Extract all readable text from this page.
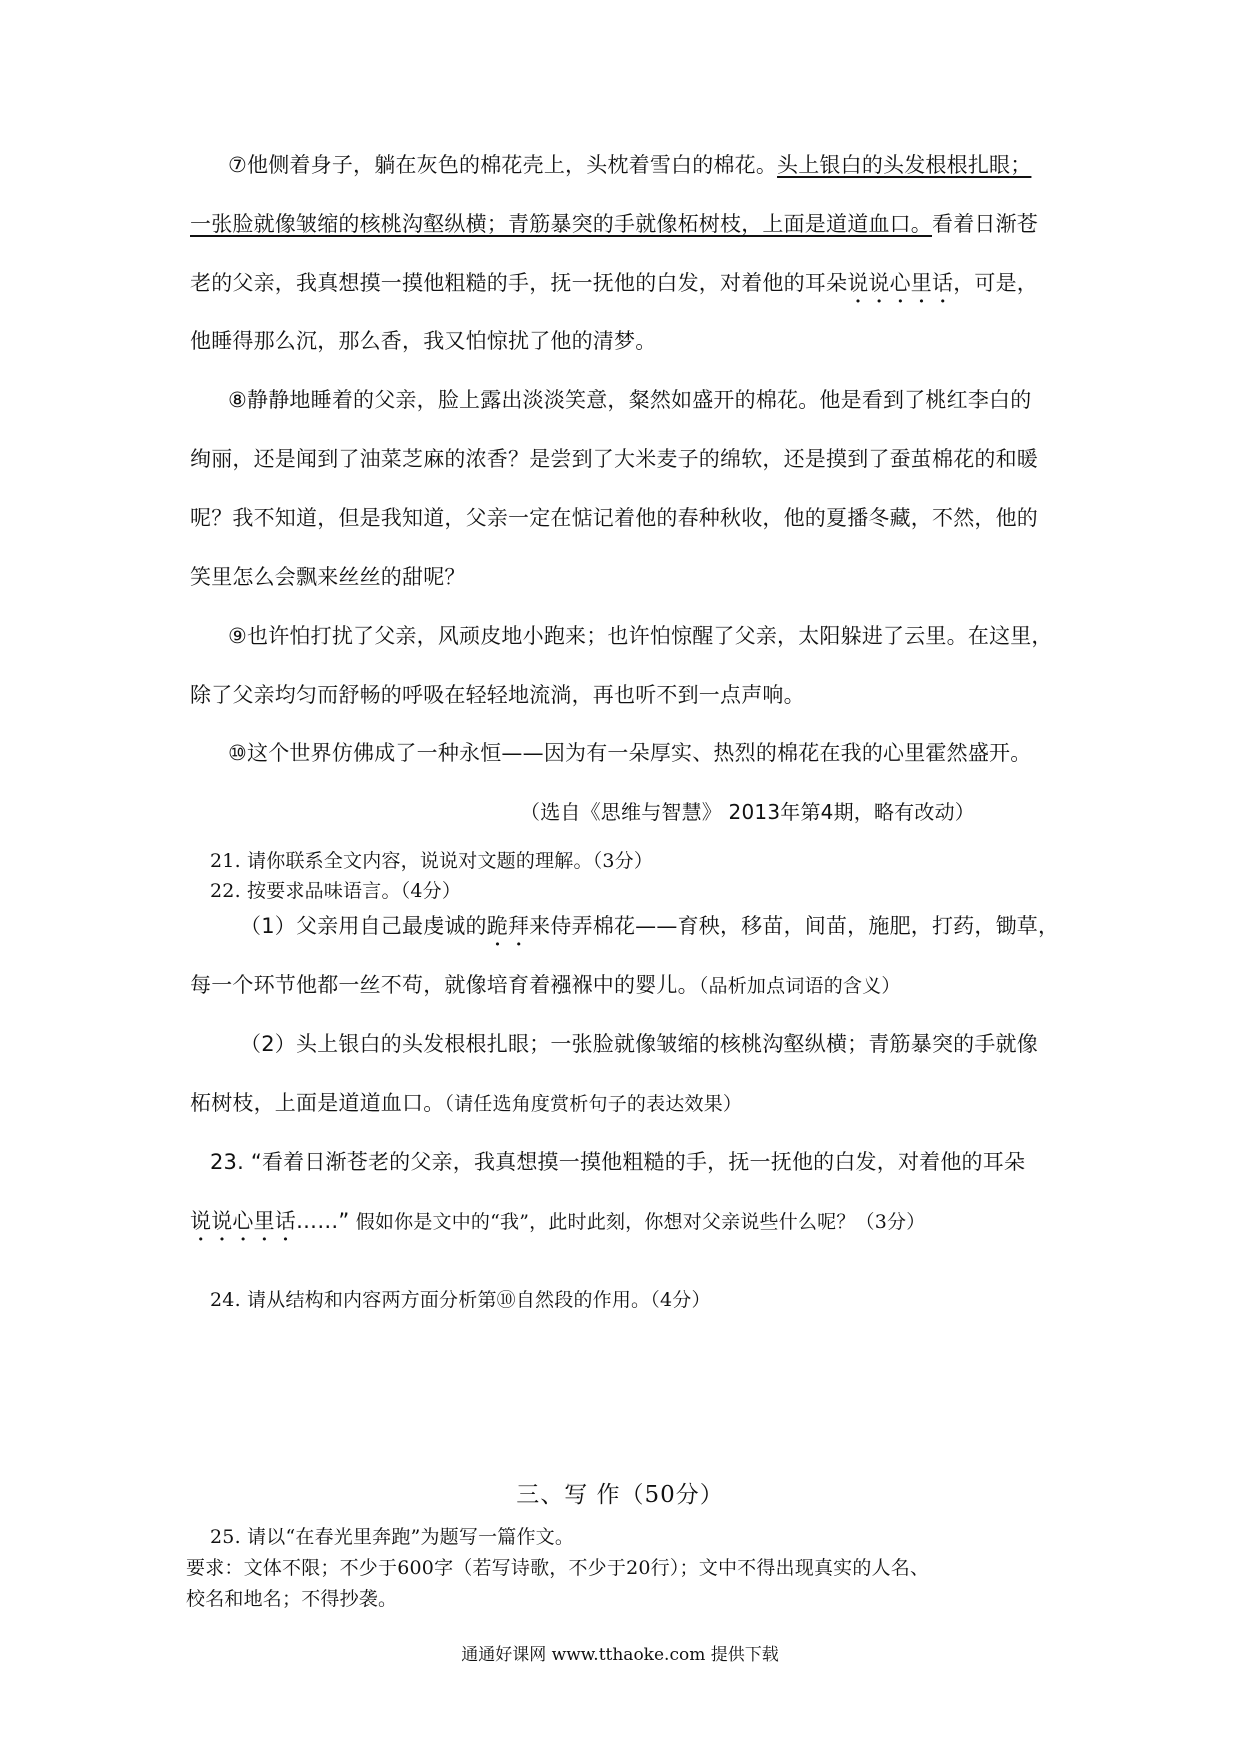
⑦他侧着身子，躺在灰色的棉花壳上，头枕着雪白的棉花。头上银白的头发根根扎眼；
一张脸就像皱缩的核桃沟壑纵横；青筋暴突的手就像柘树枝，上面是道道血口。看着日渐苍
老的父亲，我真想摸一摸他粗糙的手，抚一抚他的白发，对着他的耳朵说说心里话，可是，
他睡得那么沉，那么香，我又怕惊扰了他的清梦。
⑧静静地睡着的父亲，脸上露出淡淡笑意，粲然如盛开的棉花。他是看到了桃红李白的
绚丽，还是闻到了油菜芝麻的浓香？是尝到了大米麦子的绵软，还是摸到了蚕茧棉花的和暖
呢？我不知道，但是我知道，父亲一定在惦记着他的春种秋收，他的夏播冬藏，不然，他的
笑里怎么会飘来丝丝的甜呢？
⑨也许怕打扰了父亲，风顽皮地小跑来；也许怕惊醒了父亲，太阳躲进了云里。在这里，
除了父亲均匀而舒畅的呼吸在轻轻地流淌，再也听不到一点声响。
⑩这个世界仿佛成了一种永恒——因为有一朵厚实、热烈的棉花在我的心里霍然盛开。
（选自《思维与智慧》 2013年第4期，略有改动）
21. 请你联系全文内容，说说对文题的理解。（3分）
22. 按要求品味语言。（4分）
（1）父亲用自己最虔诚的跪拜来侍弄棉花——育秧，移苗，间苗，施肥，打药，锄草，
每一个环节他都一丝不苟，就像培育着襁褓中的婴儿。（品析加点词语的含义）
（2）头上银白的头发根根扎眼；一张脸就像皱缩的核桃沟壑纵横；青筋暴突的手就像
柘树枝，上面是道道血口。（请任选角度赏析句子的表达效果）
23. “看着日渐苍老的父亲，我真想摸一摸他粗糙的手，抚一抚他的白发，对着他的耳朵
说说心里话……” 假如你是文中的“我”，此时此刻，你想对父亲说些什么呢？（3分）
24. 请从结构和内容两方面分析第⑩自然段的作用。（4分）
三、写 作（50分）
25. 请以“在春光里奔跑”为题写一篇作文。
要求：文体不限；不少于600字（若写诗歌，不少于20行）；文中不得出现真实的人名、
校名和地名；不得抄袭。
通通好课网 www.tthaoke.com 提供下载
